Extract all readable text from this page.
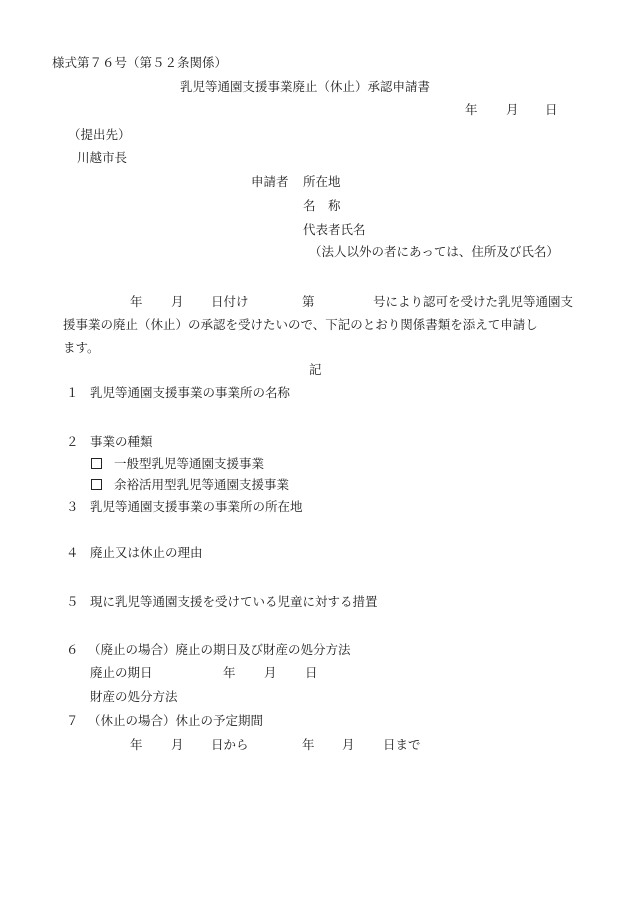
様式第７６号（第５２条関係）
乳児等通園支援事業廃止（休止）承認申請書
年 月 日
（提出先）
川越市長
申請者 所在地
名　称
代表者氏名
（法人以外の者にあっては、住所及び氏名）
年 月 日付け	第	号により認可を受けた乳児等通園支
援事業の廃止（休止）の承認を受けたいので、下記のとおり関係書類を添えて申請し
ます。
記
１ 乳児等通園支援事業の事業所の名称
２ 事業の種類
一般型乳児等通園支援事業
余裕活用型乳児等通園支援事業
３ 乳児等通園支援事業の事業所の所在地
４ 廃止又は休止の理由
５ 現に乳児等通園支援を受けている児童に対する措置
６ （廃止の場合）廃止の期日及び財産の処分方法
廃止の期日	年 月 日
財産の処分方法
７ （休止の場合）休止の予定期間
年 月 日から	年 月 日まで
